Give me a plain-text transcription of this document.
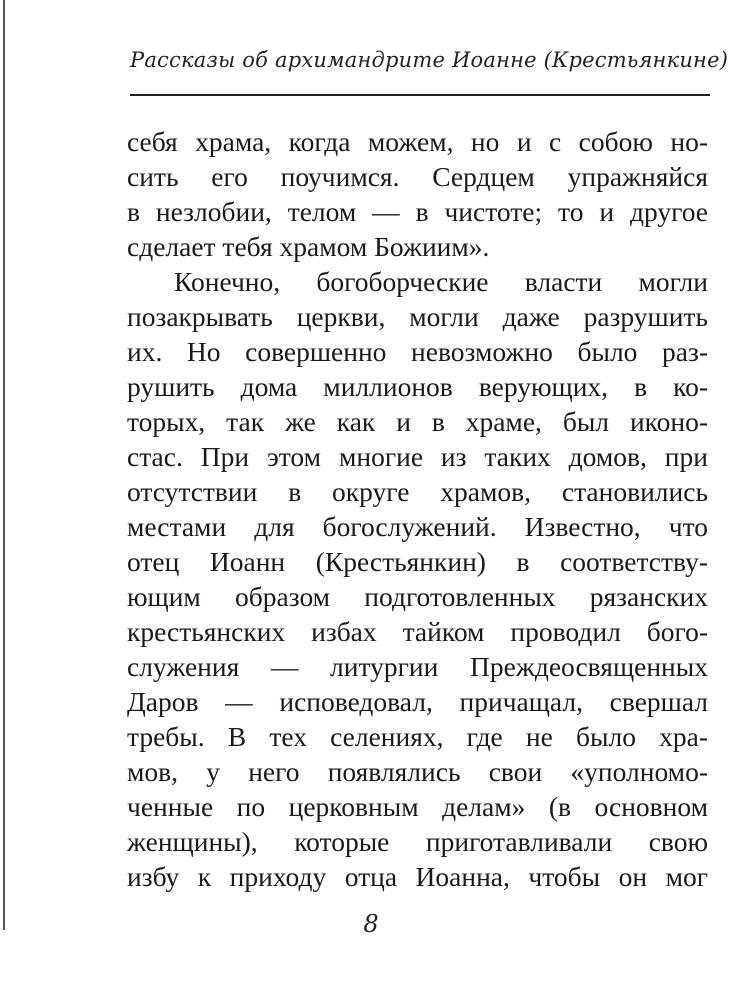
Рассказы об архимандрите Иоанне (Крестьянкине)
себя храма, когда можем, но и с собою но-
сить его поучимся. Сердцем упражняйся
в незлобии, телом — в чистоте; то и другое
сделает тебя храмом Божиим».
Конечно, богоборческие власти могли
позакрывать церкви, могли даже разрушить
их. Но совершенно невозможно было раз-
рушить дома миллионов верующих, в ко-
торых, так же как и в храме, был иконо-
стас. При этом многие из таких домов, при
отсутствии в округе храмов, становились
местами для богослужений. Известно, что
отец Иоанн (Крестьянкин) в соответству-
ющим образом подготовленных рязанских
крестьянских избах тайком проводил бого-
служения — литургии Преждеосвященных
Даров — исповедовал, причащал, свершал
требы. В тех селениях, где не было хра-
мов, у него появлялись свои «уполномо-
ченные по церковным делам» (в основном
женщины), которые приготавливали свою
избу к приходу отца Иоанна, чтобы он мог
8
